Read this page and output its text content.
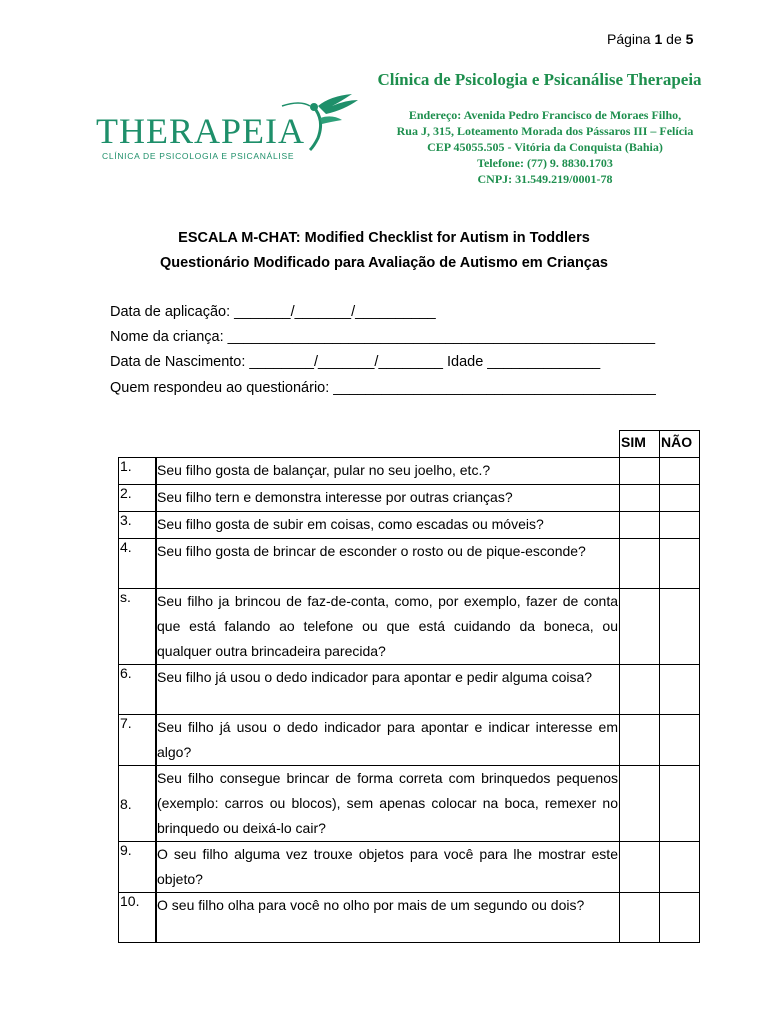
Página 1 de 5
THERAPEIA
CLÍNICA DE PSICOLOGIA E PSICANÁLISE
Clínica de Psicologia e Psicanálise Therapeia
Endereço: Avenida Pedro Francisco de Moraes Filho,
Rua J, 315, Loteamento Morada dos Pássaros III – Felícia
CEP 45055.505 - Vitória da Conquista (Bahia)
Telefone: (77) 9. 8830.1703
CNPJ: 31.549.219/0001-78
ESCALA M-CHAT: Modified Checklist for Autism in Toddlers
Questionário Modificado para Avaliação de Autismo em Crianças
Data de aplicação: _______/_______/__________
Nome da criança: _____________________________________________________
Data de Nascimento: ________/_______/________ Idade ______________
Quem respondeu ao questionário: ________________________________________
		SIM	NÃO
1.	Seu filho gosta de balançar, pular no seu joelho, etc.?		
2.	Seu filho tern e demonstra interesse por outras crianças?		
3.	Seu filho gosta de subir em coisas, como escadas ou móveis?		
4.	Seu filho gosta de brincar de esconder o rosto ou de pique-esconde?		
s.	Seu filho ja brincou de faz-de-conta, como, por exemplo, fazer de conta que está falando ao telefone ou que está cuidando da boneca, ou qualquer outra brincadeira parecida?		
6.	Seu filho já usou o dedo indicador para apontar e pedir alguma coisa?		
7.	Seu filho já usou o dedo indicador para apontar e indicar interesse em algo?		
8.	Seu filho consegue brincar de forma correta com brinquedos pequenos (exemplo: carros ou blocos), sem apenas colocar na boca, remexer no brinquedo ou deixá-lo cair?		
9.	O seu filho alguma vez trouxe objetos para você para lhe mostrar este objeto?		
10.	O seu filho olha para você no olho por mais de um segundo ou dois?		
